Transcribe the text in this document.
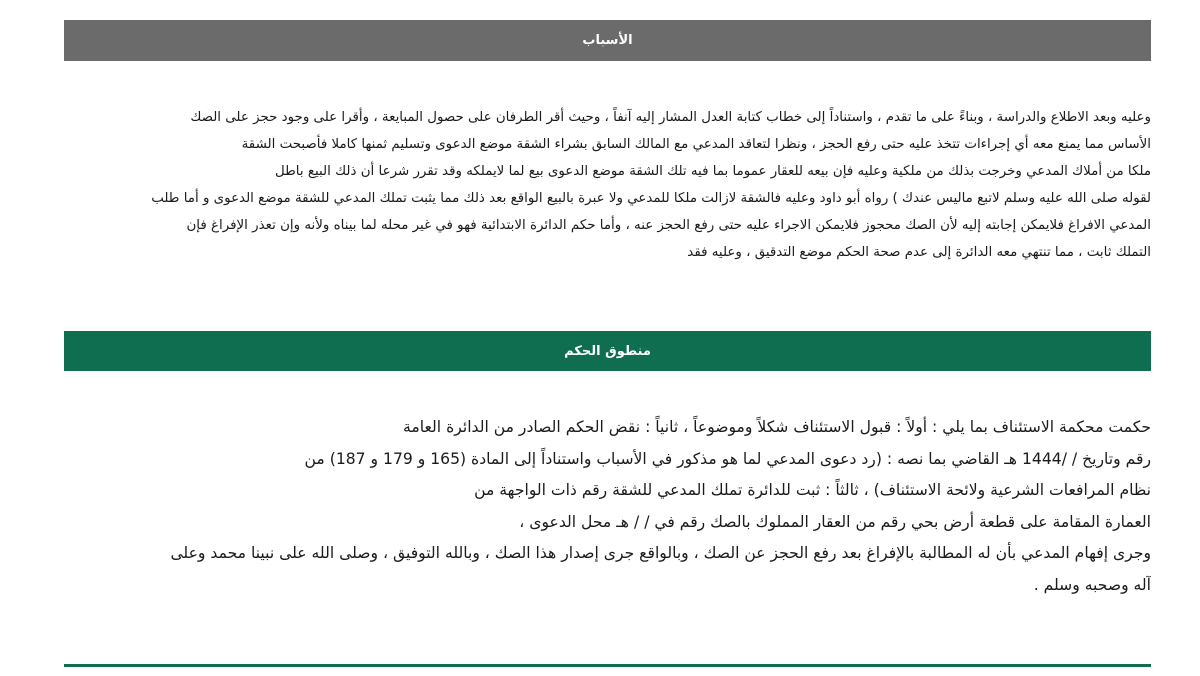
الأسباب
وعليه وبعد الاطلاع والدراسة ، وبناءً على ما تقدم ، واستناداً إلى خطاب كتابة العدل المشار إليه آنفاً ، وحيث أقر الطرفان على حصول المبايعة ، وأقرا على وجود حجز على الصك
الأساس مما يمنع معه أي إجراءات تتخذ عليه حتى رفع الحجز ، ونظرا لتعاقد المدعي مع المالك السابق بشراء الشقة موضع الدعوى وتسليم ثمنها كاملا فأصبحت الشقة
ملكا من أملاك المدعي وخرجت بذلك من ملكية وعليه فإن بيعه للعقار عموما بما فيه تلك الشقة موضع الدعوى بيع لما لايملكه وقد تقرر شرعا أن ذلك البيع باطل
لقوله صلى الله عليه وسلم لاتبع ماليس عندك ) رواه أبو داود وعليه فالشقة لازالت ملكا للمدعي ولا عبرة بالبيع الواقع بعد ذلك مما يثبت تملك المدعي للشقة موضع الدعوى و أما طلب
المدعي الافراغ فلايمكن إجابته إليه لأن الصك محجوز فلايمكن الاجراء عليه حتى رفع الحجز عنه ، وأما حكم الدائرة الابتدائية فهو في غير محله لما بيناه ولأنه وإن تعذر الإفراغ فإن
التملك ثابت ، مما تنتهي معه الدائرة إلى عدم صحة الحكم موضع التدقيق ، وعليه فقد
منطوق الحكم
حكمت محكمة الاستئناف بما يلي : أولاً : قبول الاستئناف شكلاً وموضوعاً ، ثانياً : نقض الحكم الصادر من الدائرة العامة
رقم وتاريخ / /1444 هـ القاضي بما نصه : (رد دعوى المدعي لما هو مذكور في الأسباب واستناداً إلى المادة (165 و 179 و 187) من
نظام المرافعات الشرعية ولائحة الاستئناف) ، ثالثاً : ثبت للدائرة تملك المدعي للشقة رقم ذات الواجهة من
العمارة المقامة على قطعة أرض بحي رقم من العقار المملوك بالصك رقم في / / هـ محل الدعوى ،
وجرى إفهام المدعي بأن له المطالبة بالإفراغ بعد رفع الحجز عن الصك ، وبالواقع جرى إصدار هذا الصك ، وبالله التوفيق ، وصلى الله على نبينا محمد وعلى
آله وصحبه وسلم .
